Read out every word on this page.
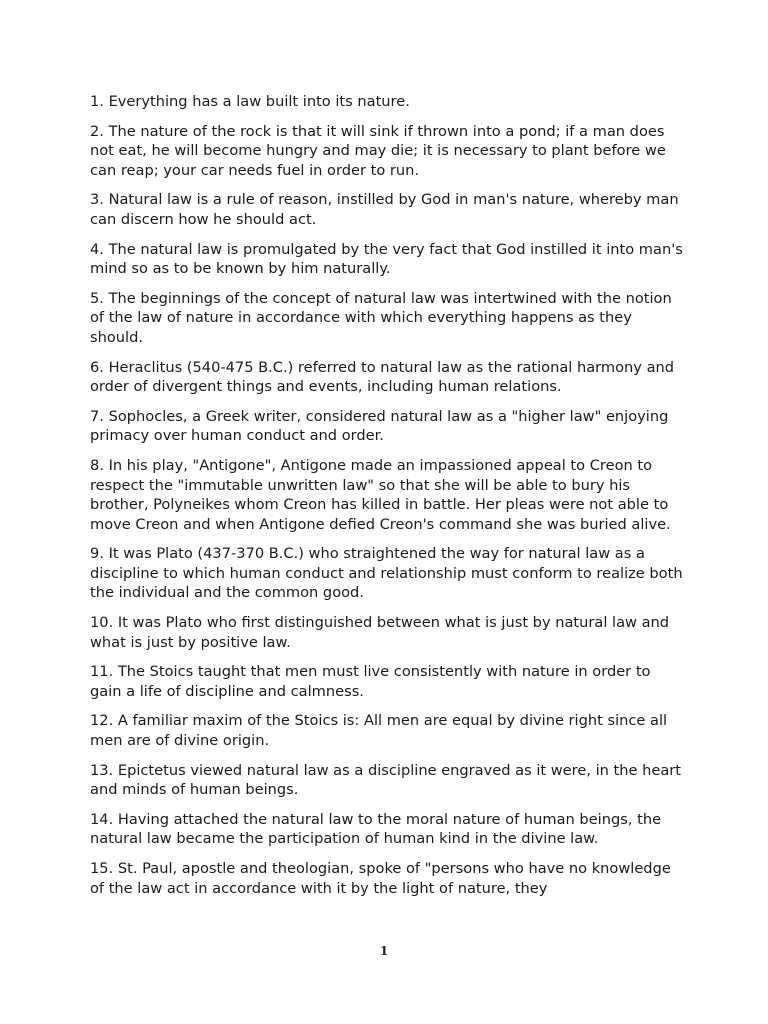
1. Everything has a law built into its nature.

2. The nature of the rock is that it will sink if thrown into a pond; if a man does not eat, he will become hungry and may die; it is necessary to plant before we can reap; your car needs fuel in order to run.

3. Natural law is a rule of reason, instilled by God in man's nature, whereby man can discern how he should act.

4. The natural law is promulgated by the very fact that God instilled it into man's mind so as to be known by him naturally.

5. The beginnings of the concept of natural law was intertwined with the notion of the law of nature in accordance with which everything happens as they should.

6. Heraclitus (540-475 B.C.) referred to natural law as the rational harmony and order of divergent things and events, including human relations.

7. Sophocles, a Greek writer, considered natural law as a "higher law" enjoying primacy over human conduct and order.

8. In his play, "Antigone", Antigone made an impassioned appeal to Creon to respect the "immutable unwritten law" so that she will be able to bury his brother, Polyneikes whom Creon has killed in battle. Her pleas were not able to move Creon and when Antigone defied Creon's command she was buried alive.

9. It was Plato (437-370 B.C.) who straightened the way for natural law as a discipline to which human conduct and relationship must conform to realize both the individual and the common good.

10. It was Plato who first distinguished between what is just by natural law and what is just by positive law.

11. The Stoics taught that men must live consistently with nature in order to gain a life of discipline and calmness.

12. A familiar maxim of the Stoics is: All men are equal by divine right since all men are of divine origin.

13. Epictetus viewed natural law as a discipline engraved as it were, in the heart and minds of human beings.

14. Having attached the natural law to the moral nature of human beings, the natural law became the participation of human kind in the divine law.

15. St. Paul, apostle and theologian, spoke of "persons who have no knowledge of the law act in accordance with it by the light of nature, they

1
